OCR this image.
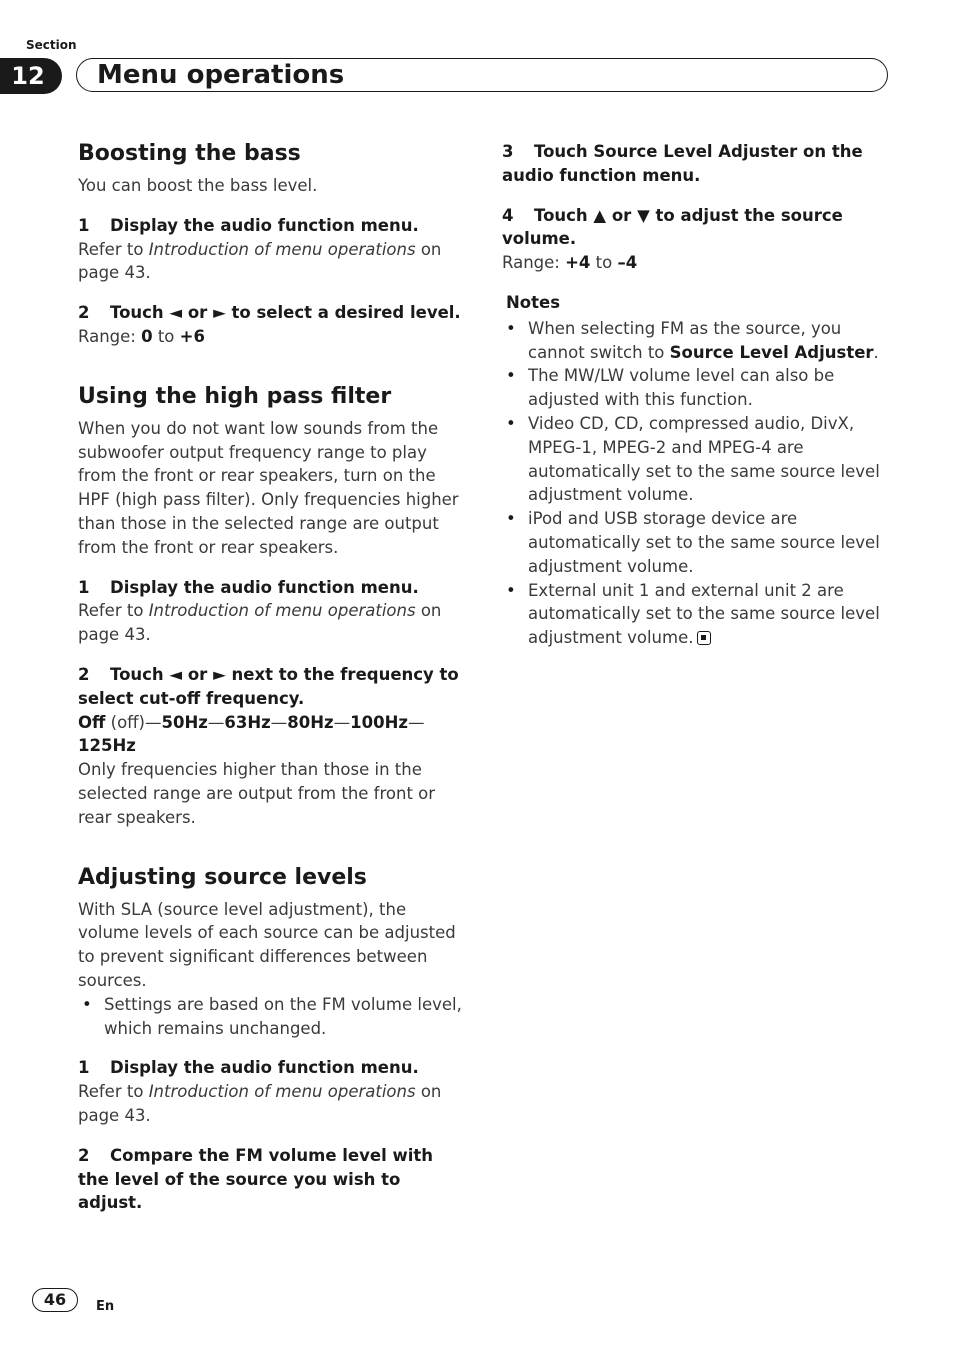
Section
12	Menu operations
Boosting the bass

You can boost the bass level.

1 Display the audio function menu.

Refer to Introduction of menu operations on page 43.

2 Touch ◄ or ► to select a desired level.

Range: 0 to +6

Using the high pass filter

When you do not want low sounds from the subwoofer output frequency range to play from the front or rear speakers, turn on the HPF (high pass filter). Only frequencies higher than those in the selected range are output from the front or rear speakers.

1 Display the audio function menu.

Refer to Introduction of menu operations on page 43.

2 Touch ◄ or ► next to the frequency to select cut-off frequency.

Off (off)—50Hz—63Hz—80Hz—100Hz—
125Hz

Only frequencies higher than those in the selected range are output from the front or rear speakers.

Adjusting source levels

With SLA (source level adjustment), the volume levels of each source can be adjusted to prevent significant differences between sources.

• Settings are based on the FM volume level, which remains unchanged.

1 Display the audio function menu.

Refer to Introduction of menu operations on page 43.

2 Compare the FM volume level with the level of the source you wish to adjust.

3 Touch Source Level Adjuster on the audio function menu.

4 Touch ▲ or ▼ to adjust the source volume.

Range: +4 to –4

Notes

• When selecting FM as the source, you cannot switch to Source Level Adjuster.
• The MW/LW volume level can also be adjusted with this function.
• Video CD, CD, compressed audio, DivX, MPEG-1, MPEG-2 and MPEG-4 are automatically set to the same source level adjustment volume.
• iPod and USB storage device are automatically set to the same source level adjustment volume.
• External unit 1 and external unit 2 are automatically set to the same source level adjustment volume.
46	En
